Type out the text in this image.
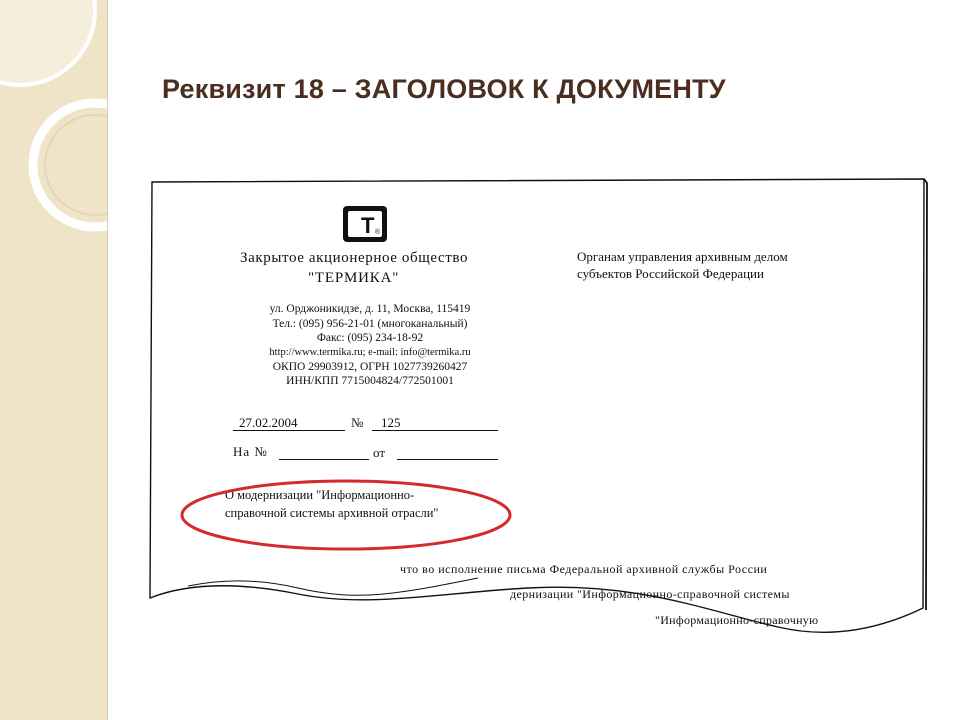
Реквизит 18 – ЗАГОЛОВОК К ДОКУМЕНТУ
Т ®
Закрытое акционерное общество
"ТЕРМИКА"
ул. Орджоникидзе, д. 11, Москва, 115419
Тел.: (095) 956-21-01 (многоканальный)
Факс: (095) 234-18-92
http://www.termika.ru; e-mail: info@termika.ru
ОКПО 29903912, ОГРН 1027739260427
ИНН/КПП 7715004824/772501001
Органам управления архивным делом
субъектов Российской Федерации
27.02.2004	№ 125
На №	от
О модернизации "Информационно-
справочной системы архивной отрасли"
что во исполнение письма Федеральной архивной службы России
дернизации "Информационно-справочной системы
"Информационно-справочную
